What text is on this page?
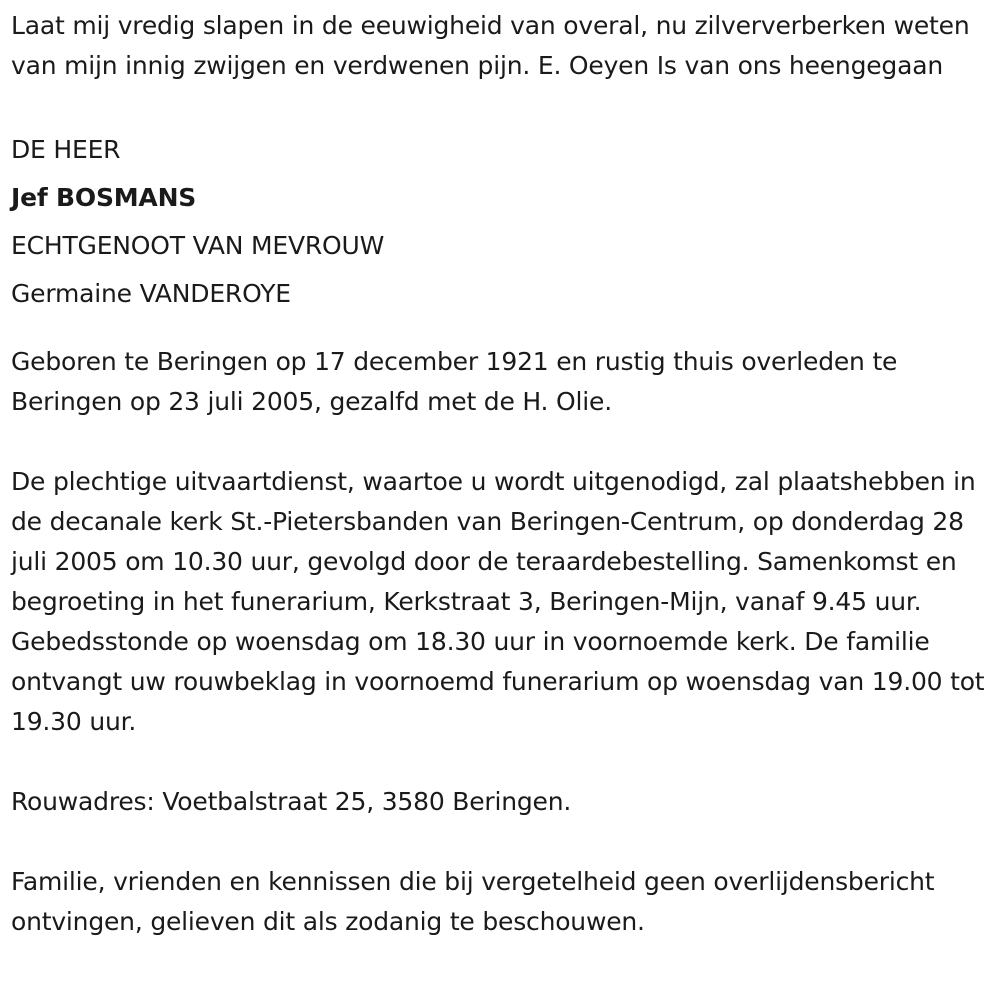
Laat mij vredig slapen in de eeuwigheid van overal, nu zilververberken weten van mijn innig zwijgen en verdwenen pijn. E. Oeyen Is van ons heengegaan

DE HEER

Jef BOSMANS

ECHTGENOOT VAN MEVROUW

Germaine VANDEROYE

Geboren te Beringen op 17 december 1921 en rustig thuis overleden te Beringen op 23 juli 2005, gezalfd met de H. Olie.

De plechtige uitvaartdienst, waartoe u wordt uitgenodigd, zal plaatshebben in de decanale kerk St.-Pietersbanden van Beringen-Centrum, op donderdag 28 juli 2005 om 10.30 uur, gevolgd door de teraardebestelling. Samenkomst en begroeting in het funerarium, Kerkstraat 3, Beringen-Mijn, vanaf 9.45 uur. Gebedsstonde op woensdag om 18.30 uur in voornoemde kerk. De familie ontvangt uw rouwbeklag in voornoemd funerarium op woensdag van 19.00 tot 19.30 uur.

Rouwadres: Voetbalstraat 25, 3580 Beringen.

Familie, vrienden en kennissen die bij vergetelheid geen overlijdensbericht ontvingen, gelieven dit als zodanig te beschouwen.
